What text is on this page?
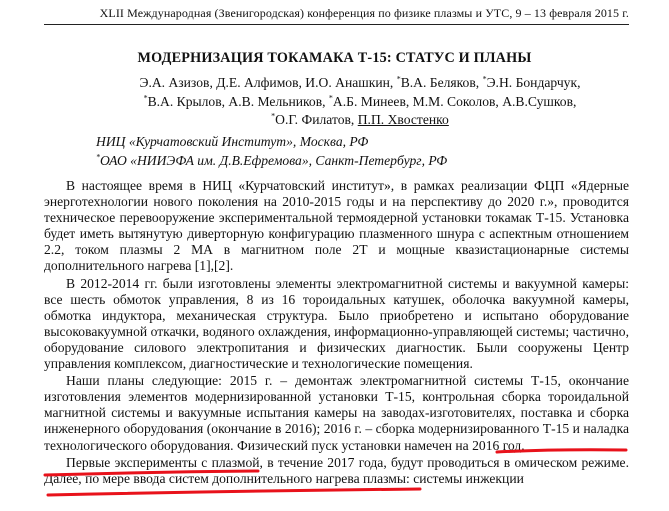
XLII Международная (Звенигородская) конференция по физике плазмы и УТС, 9 – 13 февраля 2015 г.
МОДЕРНИЗАЦИЯ ТОКАМАКА Т-15: СТАТУС И ПЛАНЫ
Э.А. Азизов, Д.Е. Алфимов, И.О. Анашкин, *В.А. Беляков, *Э.Н. Бондарчук,
*В.А. Крылов, А.В. Мельников, *А.Б. Минеев, М.М. Соколов, А.В.Сушков,
*О.Г. Филатов, П.П. Хвостенко
НИЦ «Курчатовский Институт», Москва, РФ
*ОАО «НИИЭФА им. Д.В.Ефремова», Санкт-Петербург, РФ

В настоящее время в НИЦ «Курчатовский институт», в рамках реализации ФЦП «Ядерные энерготехнологии нового поколения на 2010-2015 годы и на перспективу до 2020 г.», проводится техническое перевооружение экспериментальной термоядерной установки токамак Т-15. Установка будет иметь вытянутую диверторную конфигурацию плазменного шнура с аспектным отношением 2.2, током плазмы 2 МА в магнитном поле 2Т и мощные квазистационарные системы дополнительного нагрева [1],[2].

В 2012-2014 гг. были изготовлены элементы электромагнитной системы и вакуумной камеры: все шесть обмоток управления, 8 из 16 тороидальных катушек, оболочка вакуумной камеры, обмотка индуктора, механическая структура. Было приобретено и испытано оборудование высоковакуумной откачки, водяного охлаждения, информационно-управляющей системы; частично, оборудование силового электропитания и физических диагностик. Были сооружены Центр управления комплексом, диагностические и технологические помещения.

Наши планы следующие: 2015 г. – демонтаж электромагнитной системы Т-15, окончание изготовления элементов модернизированной установки Т-15, контрольная сборка тороидальной магнитной системы и вакуумные испытания камеры на заводах-изготовителях, поставка и сборка инженерного оборудования (окончание в 2016); 2016 г. – сборка модернизированного Т-15 и наладка технологического оборудования. Физический пуск установки намечен на 2016 год.

Первые эксперименты с плазмой, в течение 2017 года, будут проводиться в омическом режиме. Далее, по мере ввода систем дополнительного нагрева плазмы: системы инжекции
